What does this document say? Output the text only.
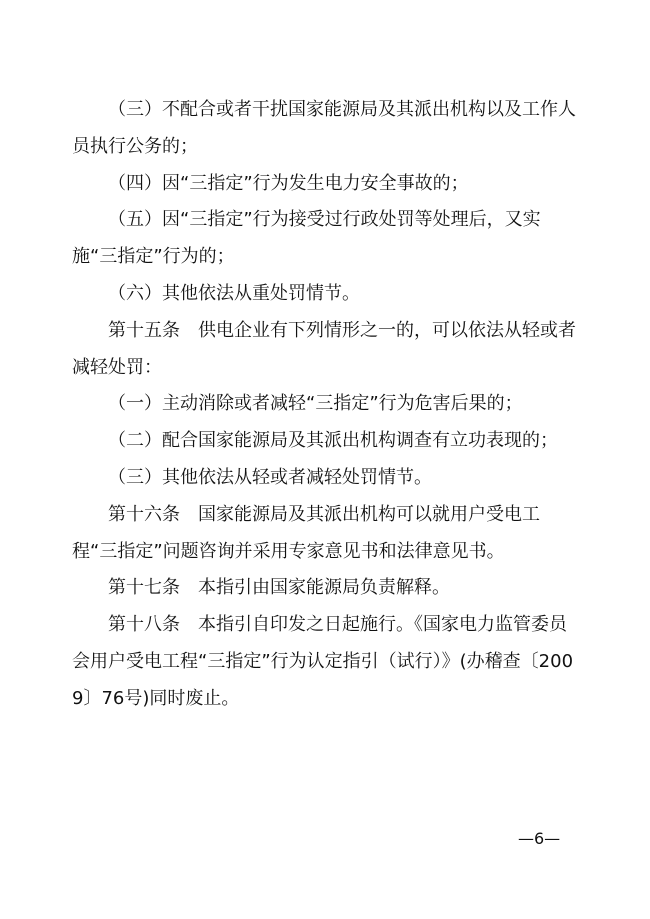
（三）不配合或者干扰国家能源局及其派出机构以及工作人员执行公务的；

（四）因“三指定”行为发生电力安全事故的；

（五）因“三指定”行为接受过行政处罚等处理后，又实施“三指定”行为的；

（六）其他依法从重处罚情节。

第十五条　供电企业有下列情形之一的，可以依法从轻或者减轻处罚：

（一）主动消除或者减轻“三指定”行为危害后果的；

（二）配合国家能源局及其派出机构调查有立功表现的；

（三）其他依法从轻或者减轻处罚情节。

第十六条　国家能源局及其派出机构可以就用户受电工程“三指定”问题咨询并采用专家意见书和法律意见书。

第十七条　本指引由国家能源局负责解释。

第十八条　本指引自印发之日起施行。《国家电力监管委员会用户受电工程“三指定”行为认定指引（试行）》(办稽查〔2009〕76号)同时废止。

—6—
